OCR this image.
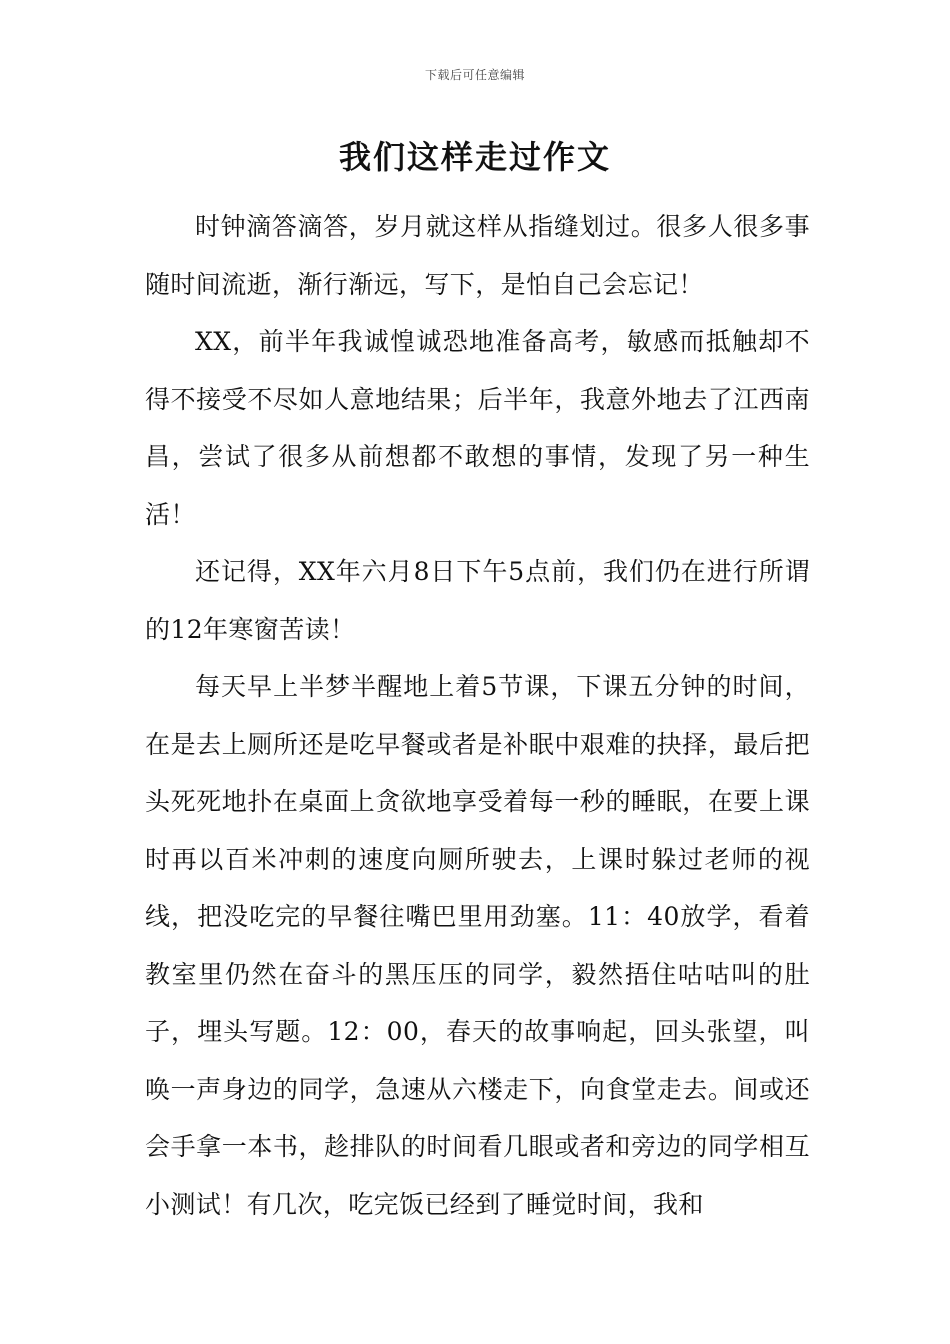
下载后可任意编辑
我们这样走过作文

时钟滴答滴答，岁月就这样从指缝划过。很多人很多事随时间流逝，渐行渐远，写下，是怕自己会忘记！

XX，前半年我诚惶诚恐地准备高考，敏感而抵触却不得不接受不尽如人意地结果；后半年，我意外地去了江西南昌，尝试了很多从前想都不敢想的事情，发现了另一种生活！

还记得，XX年六月8日下午5点前，我们仍在进行所谓的12年寒窗苦读！

每天早上半梦半醒地上着5节课，下课五分钟的时间，在是去上厕所还是吃早餐或者是补眠中艰难的抉择，最后把头死死地扑在桌面上贪欲地享受着每一秒的睡眠，在要上课时再以百米冲刺的速度向厕所驶去，上课时躲过老师的视线，把没吃完的早餐往嘴巴里用劲塞。11：40放学，看着教室里仍然在奋斗的黑压压的同学，毅然捂住咕咕叫的肚子，埋头写题。12：00，春天的故事响起，回头张望，叫唤一声身边的同学，急速从六楼走下，向食堂走去。间或还会手拿一本书，趁排队的时间看几眼或者和旁边的同学相互小测试！有几次，吃完饭已经到了睡觉时间，我和
